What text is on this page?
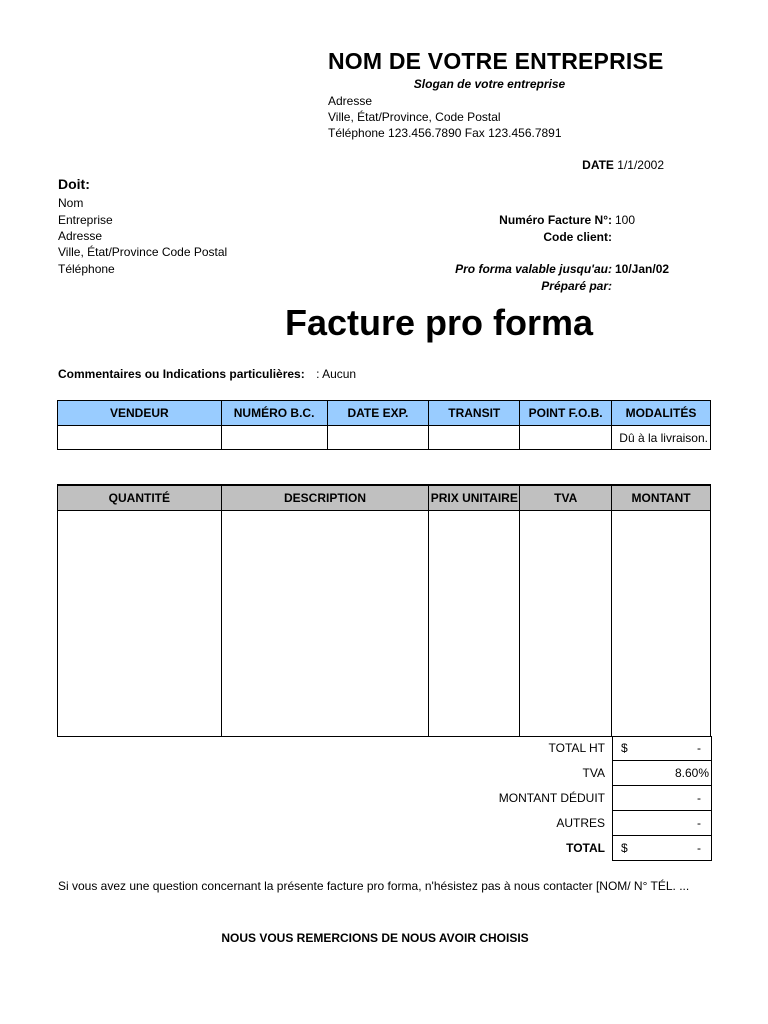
NOM DE VOTRE ENTREPRISE
Slogan de votre entreprise
Adresse
Ville, État/Province, Code Postal
Téléphone 123.456.7890 Fax 123.456.7891
DATE 1/1/2002
Doit:
Nom
Entreprise
Adresse
Ville, État/Province Code Postal
Téléphone
Numéro Facture N°: 100
Code client:
Pro forma valable jusqu'au: 10/Jan/02
Préparé par:
Facture pro forma
Commentaires ou Indications particulières: : Aucun
VENDEUR	NUMÉRO B.C.	DATE EXP.	TRANSIT	POINT F.O.B.	MODALITÉS
					Dû à la livraison.
QUANTITÉ	DESCRIPTION	PRIX UNITAIRE	TVA	MONTANT

TOTAL HT $	-
TVA	8.60%
MONTANT DÉDUIT	-
AUTRES	-
TOTAL $	-
Si vous avez une question concernant la présente facture pro forma, n'hésistez pas à nous contacter [NOM/ N° TÉL. ...
NOUS VOUS REMERCIONS DE NOUS AVOIR CHOISIS
